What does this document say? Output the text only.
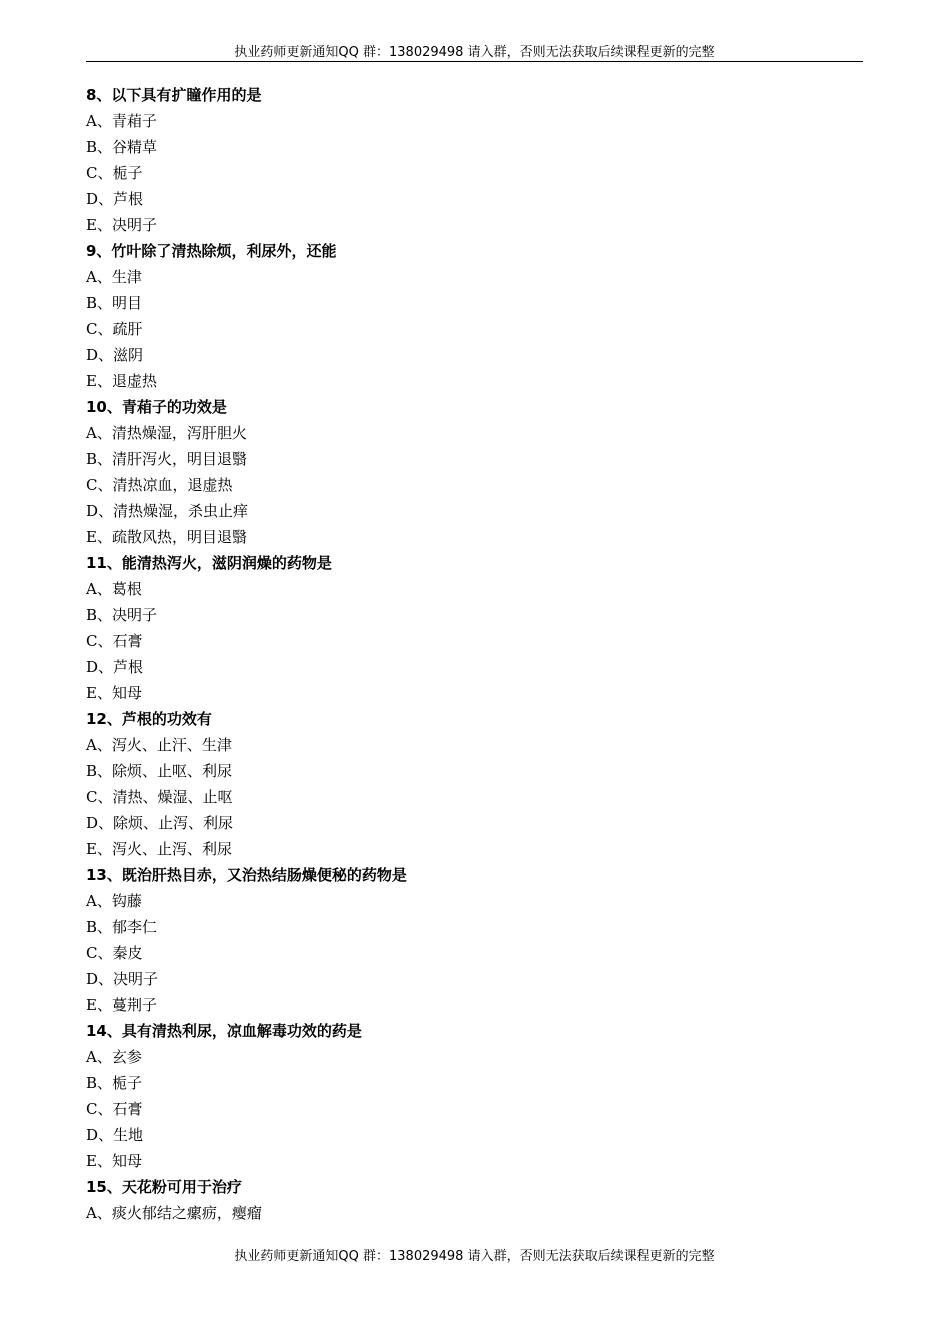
执业药师更新通知QQ 群：138029498 请入群，否则无法获取后续课程更新的完整
8、以下具有扩瞳作用的是
A、青葙子
B、谷精草
C、栀子
D、芦根
E、决明子
9、竹叶除了清热除烦，利尿外，还能
A、生津
B、明目
C、疏肝
D、滋阴
E、退虚热
10、青葙子的功效是
A、清热燥湿，泻肝胆火
B、清肝泻火，明目退翳
C、清热凉血，退虚热
D、清热燥湿，杀虫止痒
E、疏散风热，明目退翳
11、能清热泻火，滋阴润燥的药物是
A、葛根
B、决明子
C、石膏
D、芦根
E、知母
12、芦根的功效有
A、泻火、止汗、生津
B、除烦、止呕、利尿
C、清热、燥湿、止呕
D、除烦、止泻、利尿
E、泻火、止泻、利尿
13、既治肝热目赤，又治热结肠燥便秘的药物是
A、钩藤
B、郁李仁
C、秦皮
D、决明子
E、蔓荆子
14、具有清热利尿，凉血解毒功效的药是
A、玄参
B、栀子
C、石膏
D、生地
E、知母
15、天花粉可用于治疗
A、痰火郁结之瘰疬，瘿瘤
执业药师更新通知QQ 群：138029498 请入群，否则无法获取后续课程更新的完整
